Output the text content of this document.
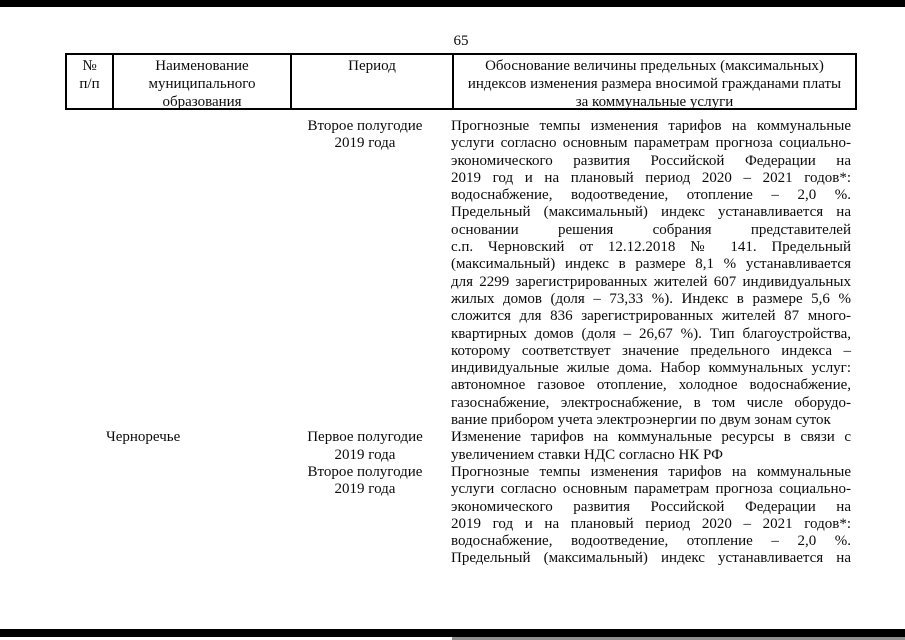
65
№
п/п
Наименование
муниципального
образования
Период	Обоснование величины предельных (максимальных)
индексов изменения размера вносимой гражданами платы
за коммунальные услуги
Второе полугодие
2019 года
Прогнозные темпы изменения тарифов на коммунальные
услуги согласно основным параметрам прогноза социально-
экономического развития Российской Федерации на
2019 год и на плановый период 2020 – 2021 годов*:
водоснабжение, водоотведение, отопление – 2,0 %.
Предельный (максимальный) индекс устанавливается на
основании решения собрания представителей
с.п. Черновский от 12.12.2018 № 141. Предельный
(максимальный) индекс в размере 8,1 % устанавливается
для 2299 зарегистрированных жителей 607 индивидуальных
жилых домов (доля – 73,33 %). Индекс в размере 5,6 %
сложится для 836 зарегистрированных жителей 87 много-
квартирных домов (доля – 26,67 %). Тип благоустройства,
которому соответствует значение предельного индекса –
индивидуальные жилые дома. Набор коммунальных услуг:
автономное газовое отопление, холодное водоснабжение,
газоснабжение, электроснабжение, в том числе оборудо-
вание прибором учета электроэнергии по двум зонам суток
Черноречье	Первое полугодие
2019 года
Изменение тарифов на коммунальные ресурсы в связи с
увеличением ставки НДС согласно НК РФ
Второе полугодие
2019 года
Прогнозные темпы изменения тарифов на коммунальные
услуги согласно основным параметрам прогноза социально-
экономического развития Российской Федерации на
2019 год и на плановый период 2020 – 2021 годов*:
водоснабжение, водоотведение, отопление – 2,0 %.
Предельный (максимальный) индекс устанавливается на
